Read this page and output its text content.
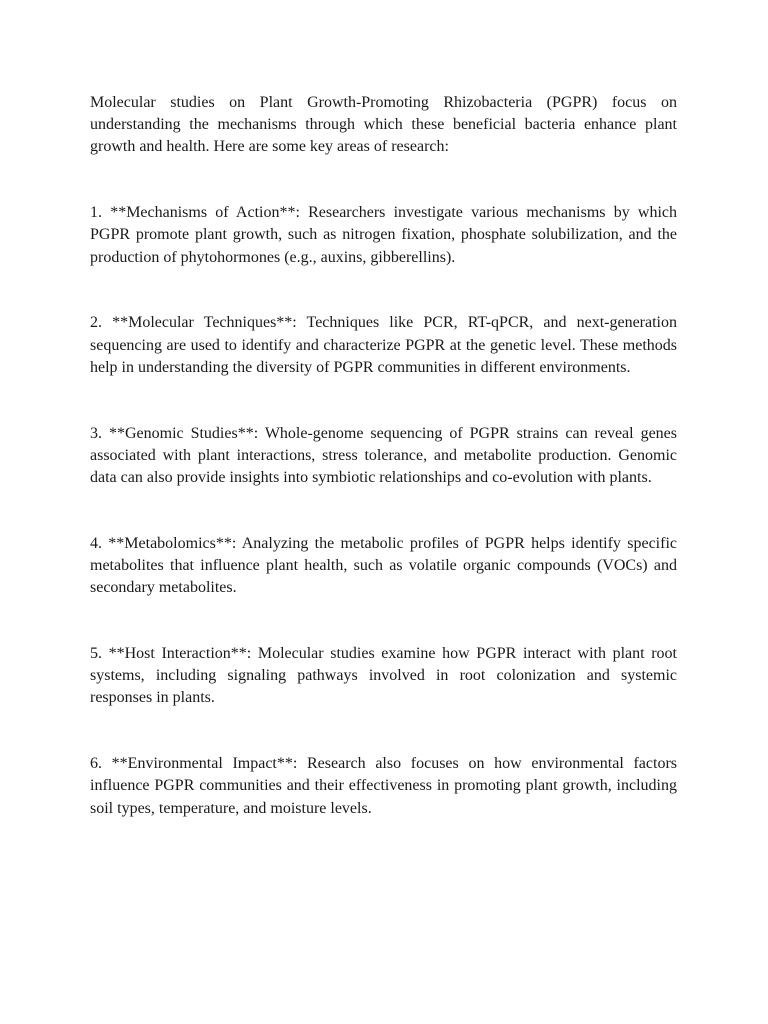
Molecular studies on Plant Growth-Promoting Rhizobacteria (PGPR) focus on understanding the mechanisms through which these beneficial bacteria enhance plant growth and health. Here are some key areas of research:

1. **Mechanisms of Action**: Researchers investigate various mechanisms by which PGPR promote plant growth, such as nitrogen fixation, phosphate solubilization, and the production of phytohormones (e.g., auxins, gibberellins).

2. **Molecular Techniques**: Techniques like PCR, RT-qPCR, and next-generation sequencing are used to identify and characterize PGPR at the genetic level. These methods help in understanding the diversity of PGPR communities in different environments.

3. **Genomic Studies**: Whole-genome sequencing of PGPR strains can reveal genes associated with plant interactions, stress tolerance, and metabolite production. Genomic data can also provide insights into symbiotic relationships and co-evolution with plants.

4. **Metabolomics**: Analyzing the metabolic profiles of PGPR helps identify specific metabolites that influence plant health, such as volatile organic compounds (VOCs) and secondary metabolites.

5. **Host Interaction**: Molecular studies examine how PGPR interact with plant root systems, including signaling pathways involved in root colonization and systemic responses in plants.

6. **Environmental Impact**: Research also focuses on how environmental factors influence PGPR communities and their effectiveness in promoting plant growth, including soil types, temperature, and moisture levels.
